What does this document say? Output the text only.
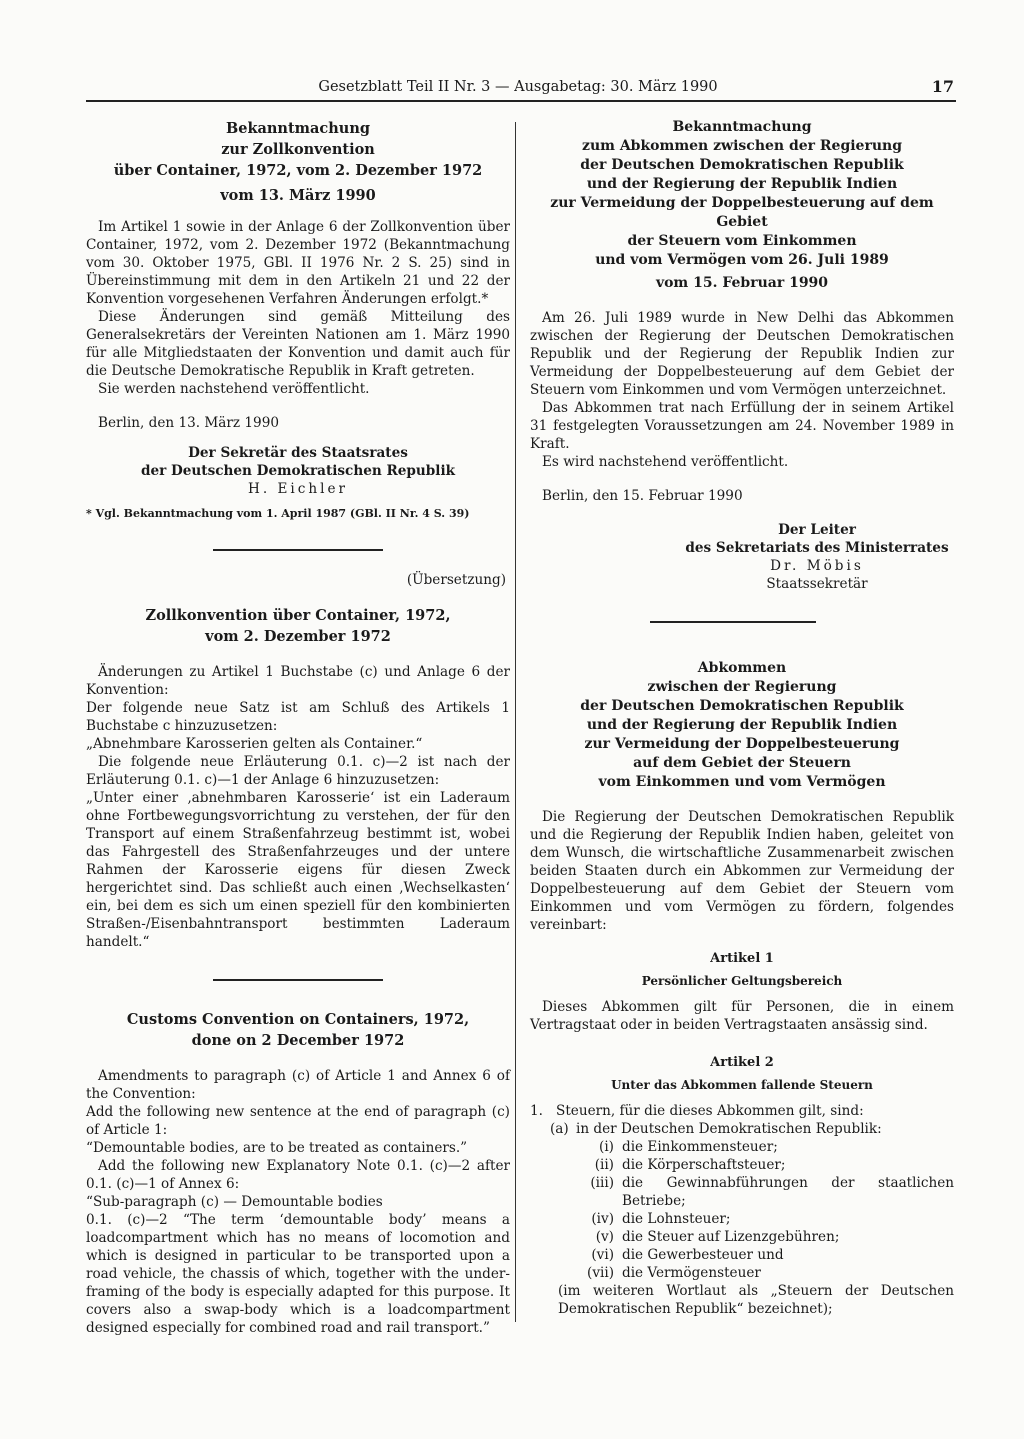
Gesetzblatt Teil II Nr. 3 — Ausgabetag: 30. März 1990	17

Bekanntmachung

zur Zollkonvention

über Container, 1972, vom 2. Dezember 1972

vom 13. März 1990

Im Artikel 1 sowie in der Anlage 6 der Zollkonvention über Container, 1972, vom 2. Dezember 1972 (Bekanntmachung vom 30. Oktober 1975, GBl. II 1976 Nr. 2 S. 25) sind in Übereinstimmung mit dem in den Artikeln 21 und 22 der Konvention vorgesehenen Verfahren Änderungen erfolgt.*

Diese Änderungen sind gemäß Mitteilung des Generalsekretärs der Vereinten Nationen am 1. März 1990 für alle Mitgliedstaaten der Konvention und damit auch für die Deutsche Demokratische Republik in Kraft getreten.

Sie werden nachstehend veröffentlicht.

Berlin, den 13. März 1990

Der Sekretär des Staatsrates

der Deutschen Demokratischen Republik

H. Eichler

* Vgl. Bekanntmachung vom 1. April 1987 (GBl. II Nr. 4 S. 39)

(Übersetzung)

Zollkonvention über Container, 1972,

vom 2. Dezember 1972

Änderungen zu Artikel 1 Buchstabe (c) und Anlage 6 der Konvention:

Der folgende neue Satz ist am Schluß des Artikels 1 Buchstabe c hinzuzusetzen:

„Abnehmbare Karosserien gelten als Container.“

Die folgende neue Erläuterung 0.1. c)—2 ist nach der Erläuterung 0.1. c)—1 der Anlage 6 hinzuzusetzen:

„Unter einer ‚abnehmbaren Karosserie‘ ist ein Laderaum ohne Fortbewegungsvorrichtung zu verstehen, der für den Transport auf einem Straßenfahrzeug bestimmt ist, wobei das Fahrgestell des Straßenfahrzeuges und der untere Rahmen der Karosserie eigens für diesen Zweck hergerichtet sind. Das schließt auch einen ‚Wechselkasten‘ ein, bei dem es sich um einen speziell für den kombinierten Straßen-/Eisenbahntransport bestimmten Laderaum handelt.“

Customs Convention on Containers, 1972,

done on 2 December 1972

Amendments to paragraph (c) of Article 1 and Annex 6 of the Convention:

Add the following new sentence at the end of paragraph (c) of Article 1:

“Demountable bodies, are to be treated as containers.”

Add the following new Explanatory Note 0.1. (c)—2 after 0.1. (c)—1 of Annex 6:

“Sub-paragraph (c) — Demountable bodies

0.1. (c)—2 “The term ‘demountable body’ means a loadcompartment which has no means of locomotion and which is designed in particular to be transported upon a road vehicle, the chassis of which, together with the under-framing of the body is especially adapted for this purpose. It covers also a swap-body which is a loadcompartment designed especially for combined road and rail transport.”

Bekanntmachung

zum Abkommen zwischen der Regierung

der Deutschen Demokratischen Republik

und der Regierung der Republik Indien

zur Vermeidung der Doppelbesteuerung auf dem Gebiet

der Steuern vom Einkommen

und vom Vermögen vom 26. Juli 1989

vom 15. Februar 1990

Am 26. Juli 1989 wurde in New Delhi das Abkommen zwischen der Regierung der Deutschen Demokratischen Republik und der Regierung der Republik Indien zur Vermeidung der Doppelbesteuerung auf dem Gebiet der Steuern vom Einkommen und vom Vermögen unterzeichnet.

Das Abkommen trat nach Erfüllung der in seinem Artikel 31 festgelegten Voraussetzungen am 24. November 1989 in Kraft.

Es wird nachstehend veröffentlicht.

Berlin, den 15. Februar 1990

Der Leiter

des Sekretariats des Ministerrates

Dr. Möbis

Staatssekretär

Abkommen

zwischen der Regierung

der Deutschen Demokratischen Republik

und der Regierung der Republik Indien

zur Vermeidung der Doppelbesteuerung

auf dem Gebiet der Steuern

vom Einkommen und vom Vermögen

Die Regierung der Deutschen Demokratischen Republik und die Regierung der Republik Indien haben, geleitet von dem Wunsch, die wirtschaftliche Zusammenarbeit zwischen beiden Staaten durch ein Abkommen zur Vermeidung der Doppelbesteuerung auf dem Gebiet der Steuern vom Einkommen und vom Vermögen zu fördern, folgendes vereinbart:

Artikel 1

Persönlicher Geltungsbereich

Dieses Abkommen gilt für Personen, die in einem Vertragstaat oder in beiden Vertragstaaten ansässig sind.

Artikel 2

Unter das Abkommen fallende Steuern

1. Steuern, für die dieses Abkommen gilt, sind:
(a) in der Deutschen Demokratischen Republik:
(i) die Einkommensteuer;
(ii) die Körperschaftsteuer;
(iii) die Gewinnabführungen der staatlichen Betriebe;
(iv) die Lohnsteuer;
(v) die Steuer auf Lizenzgebühren;
(vi) die Gewerbesteuer und
(vii) die Vermögensteuer

(im weiteren Wortlaut als „Steuern der Deutschen Demokratischen Republik“ bezeichnet);
